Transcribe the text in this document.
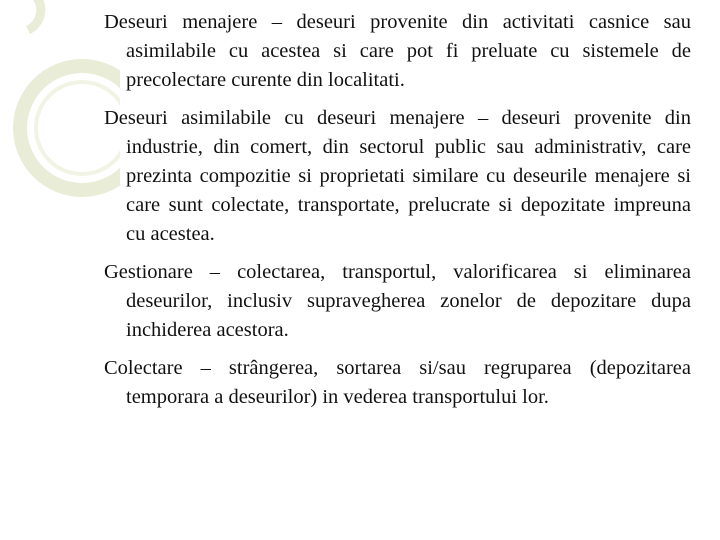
Deseuri menajere – deseuri provenite din activitati casnice sau asimilabile cu acestea si care pot fi preluate cu sistemele de precolectare curente din localitati.

Deseuri asimilabile cu deseuri menajere – deseuri provenite din industrie, din comert, din sectorul public sau administrativ, care prezinta compozitie si proprietati similare cu deseurile menajere si care sunt colectate, transportate, prelucrate si depozitate impreuna cu acestea.

Gestionare – colectarea, transportul, valorificarea si eliminarea deseurilor, inclusiv supravegherea zonelor de depozitare dupa inchiderea acestora.

Colectare – strângerea, sortarea si/sau regruparea (depozitarea temporara a deseurilor) in vederea transportului lor.
